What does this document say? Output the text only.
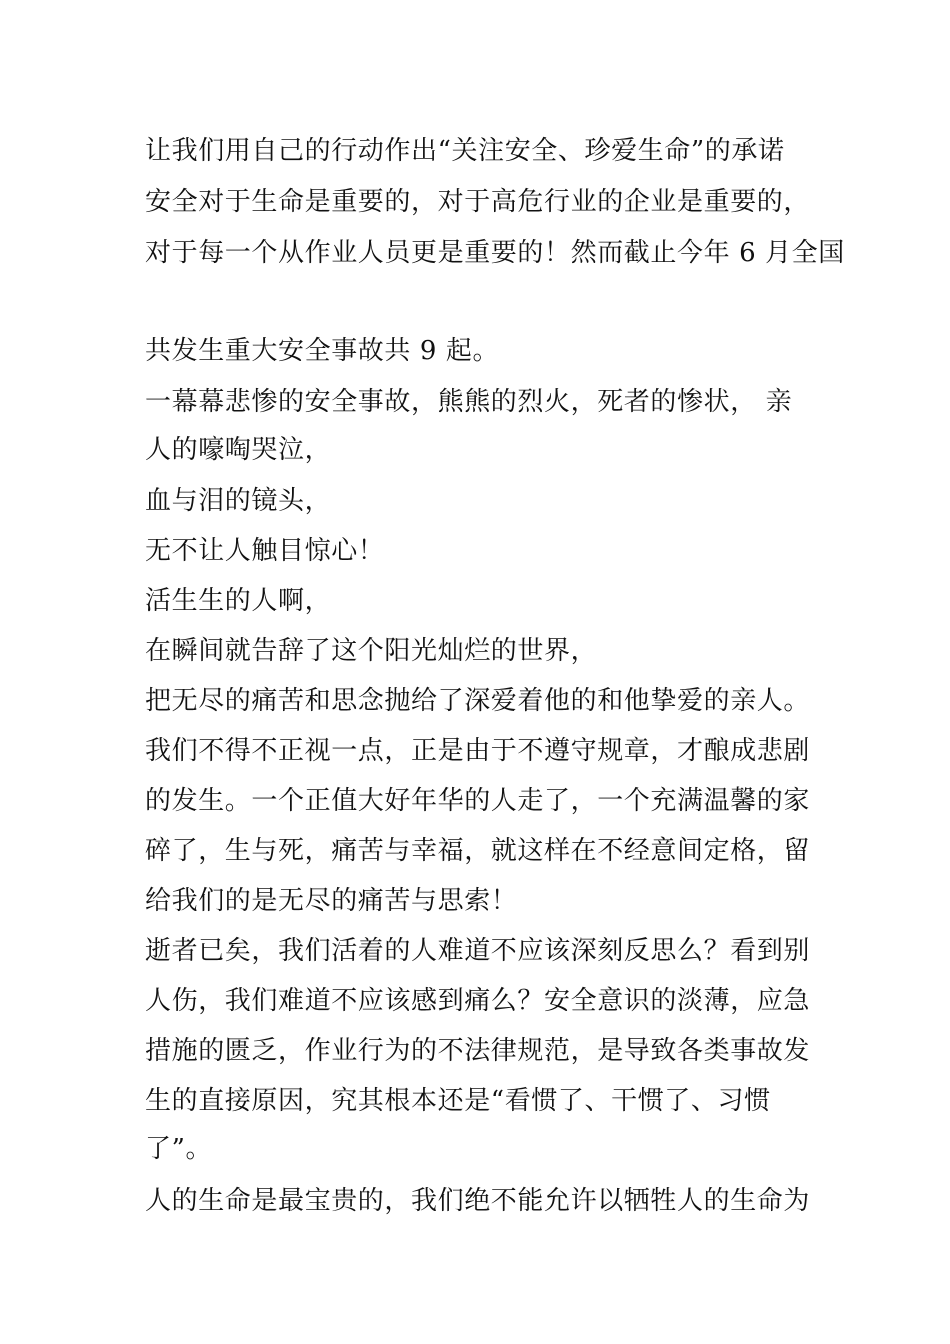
让我们用自己的行动作出“关注安全、珍爱生命”的承诺
安全对于生命是重要的，对于高危行业的企业是重要的，
对于每一个从作业人员更是重要的！然而截止今年 6 月全国
共发生重大安全事故共 9 起。
一幕幕悲惨的安全事故，熊熊的烈火，死者的惨状， 亲
人的嚎啕哭泣，
血与泪的镜头，
无不让人触目惊心！
活生生的人啊，
在瞬间就告辞了这个阳光灿烂的世界，
把无尽的痛苦和思念抛给了深爱着他的和他挚爱的亲人。
我们不得不正视一点，正是由于不遵守规章，才酿成悲剧
的发生。一个正值大好年华的人走了，一个充满温馨的家
碎了，生与死，痛苦与幸福，就这样在不经意间定格，留
给我们的是无尽的痛苦与思索！
逝者已矣，我们活着的人难道不应该深刻反思么？看到别
人伤，我们难道不应该感到痛么？安全意识的淡薄，应急
措施的匮乏，作业行为的不法律规范，是导致各类事故发
生的直接原因，究其根本还是“看惯了、干惯了、习惯
了”。
人的生命是最宝贵的，我们绝不能允许以牺牲人的生命为
